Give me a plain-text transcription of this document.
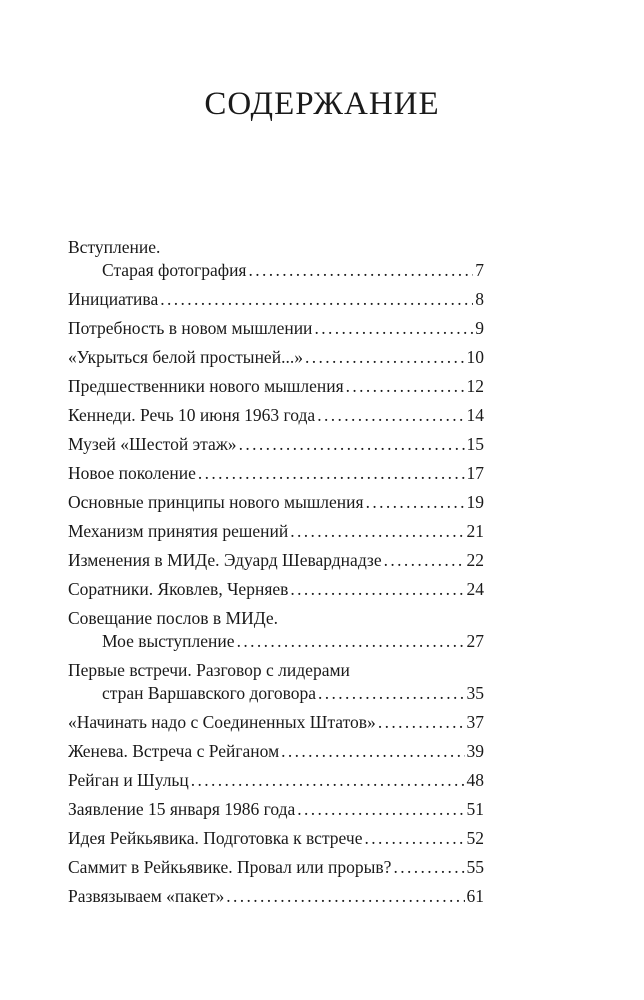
СОДЕРЖАНИЕ
Вступление.
Старая фотография . . .	7
Инициатива . . .	8
Потребность в новом мышлении . . .	9
«Укрыться белой простыней...» . . .	10
Предшественники нового мышления . . .	12
Кеннеди. Речь 10 июня 1963 года . . .	14
Музей «Шестой этаж» . . .	15
Новое поколение . . .	17
Основные принципы нового мышления . . .	19
Механизм принятия решений . . .	21
Изменения в МИДе. Эдуард Шеварднадзе . . .	22
Соратники. Яковлев, Черняев . . .	24
Совещание послов в МИДе.
Мое выступление . . .	27
Первые встречи. Разговор с лидерами
стран Варшавского договора . . .	35
«Начинать надо с Соединенных Штатов» . . .	37
Женева. Встреча с Рейганом . . .	39
Рейган и Шульц . . .	48
Заявление 15 января 1986 года . . .	51
Идея Рейкьявика. Подготовка к встрече . . .	52
Саммит в Рейкьявике. Провал или прорыв? . . .	55
Развязываем «пакет» . . .	61
